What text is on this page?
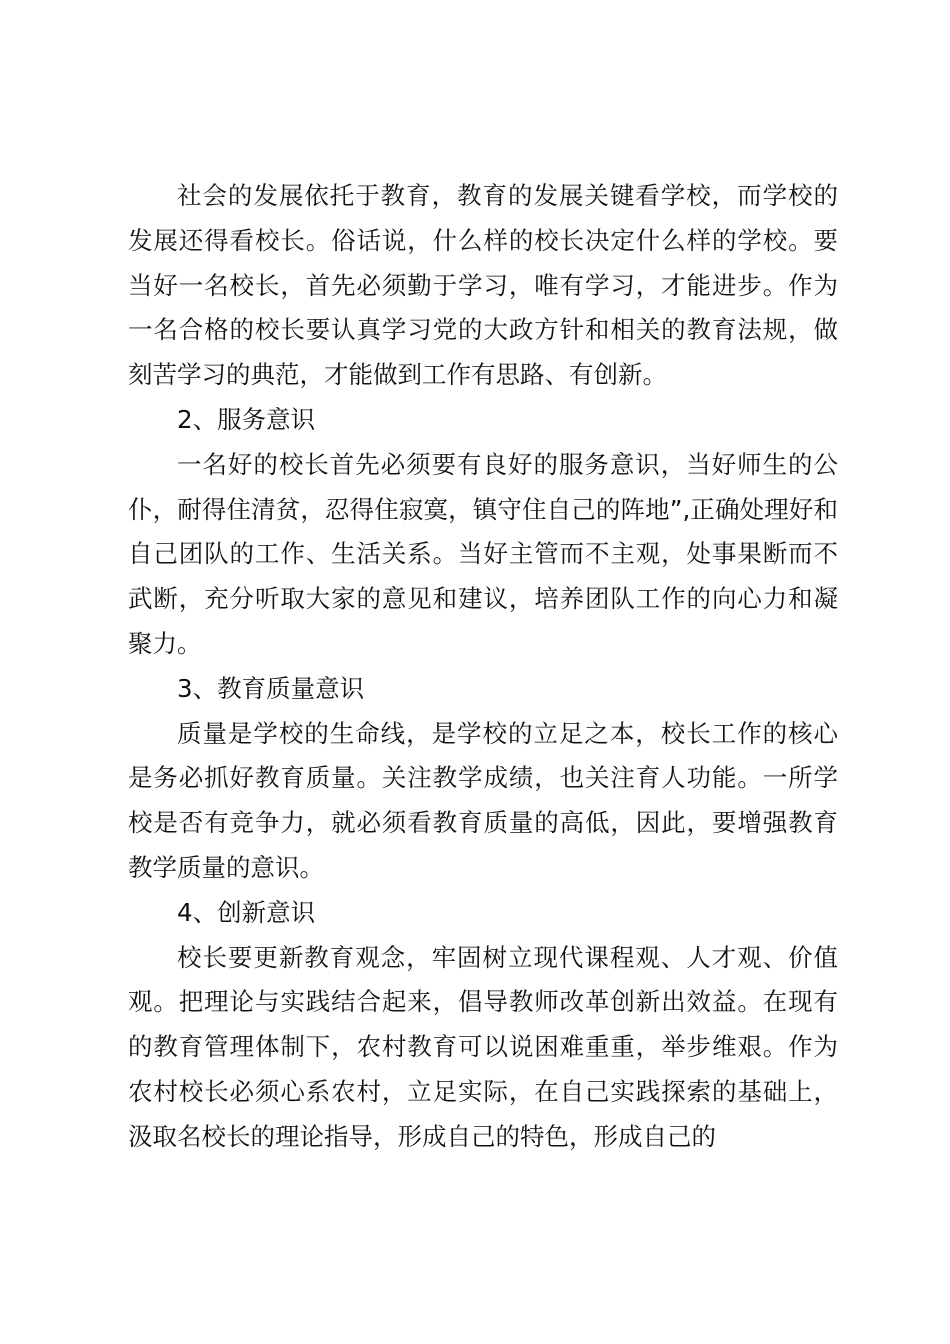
社会的发展依托于教育，教育的发展关键看学校，而学校的发展还得看校长。俗话说，什么样的校长决定什么样的学校。要当好一名校长，首先必须勤于学习，唯有学习，才能进步。作为一名合格的校长要认真学习党的大政方针和相关的教育法规，做刻苦学习的典范，才能做到工作有思路、有创新。

2、服务意识

一名好的校长首先必须要有良好的服务意识，当好师生的公仆，耐得住清贫，忍得住寂寞，镇守住自己的阵地”,正确处理好和自己团队的工作、生活关系。当好主管而不主观，处事果断而不武断，充分听取大家的意见和建议，培养团队工作的向心力和凝聚力。

3、教育质量意识

质量是学校的生命线，是学校的立足之本，校长工作的核心是务必抓好教育质量。关注教学成绩，也关注育人功能。一所学校是否有竞争力，就必须看教育质量的高低，因此，要增强教育教学质量的意识。

4、创新意识

校长要更新教育观念，牢固树立现代课程观、人才观、价值观。把理论与实践结合起来，倡导教师改革创新出效益。在现有的教育管理体制下，农村教育可以说困难重重，举步维艰。作为农村校长必须心系农村，立足实际，在自己实践探索的基础上，汲取名校长的理论指导，形成自己的特色，形成自己的
